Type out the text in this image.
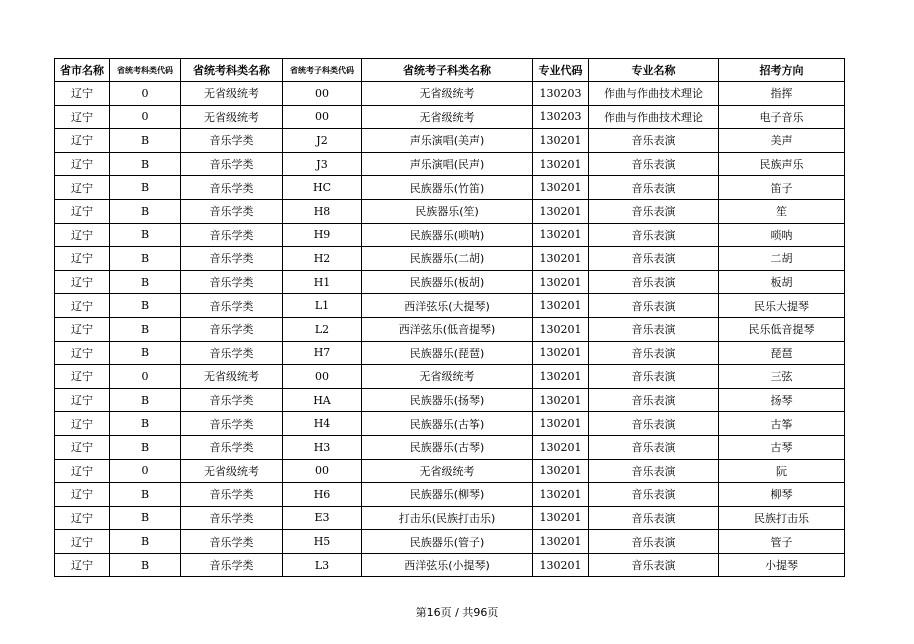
省市名称	省统考科类代码	省统考科类名称	省统考子科类代码	省统考子科类名称	专业代码	专业名称	招考方向
辽宁	0	无省级统考	00	无省级统考	130203	作曲与作曲技术理论	指挥
辽宁	0	无省级统考	00	无省级统考	130203	作曲与作曲技术理论	电子音乐
辽宁	B	音乐学类	J2	声乐演唱(美声)	130201	音乐表演	美声
辽宁	B	音乐学类	J3	声乐演唱(民声)	130201	音乐表演	民族声乐
辽宁	B	音乐学类	HC	民族器乐(竹笛)	130201	音乐表演	笛子
辽宁	B	音乐学类	H8	民族器乐(笙)	130201	音乐表演	笙
辽宁	B	音乐学类	H9	民族器乐(唢呐)	130201	音乐表演	唢呐
辽宁	B	音乐学类	H2	民族器乐(二胡)	130201	音乐表演	二胡
辽宁	B	音乐学类	H1	民族器乐(板胡)	130201	音乐表演	板胡
辽宁	B	音乐学类	L1	西洋弦乐(大提琴)	130201	音乐表演	民乐大提琴
辽宁	B	音乐学类	L2	西洋弦乐(低音提琴)	130201	音乐表演	民乐低音提琴
辽宁	B	音乐学类	H7	民族器乐(琵琶)	130201	音乐表演	琵琶
辽宁	0	无省级统考	00	无省级统考	130201	音乐表演	三弦
辽宁	B	音乐学类	HA	民族器乐(扬琴)	130201	音乐表演	扬琴
辽宁	B	音乐学类	H4	民族器乐(古筝)	130201	音乐表演	古筝
辽宁	B	音乐学类	H3	民族器乐(古琴)	130201	音乐表演	古琴
辽宁	0	无省级统考	00	无省级统考	130201	音乐表演	阮
辽宁	B	音乐学类	H6	民族器乐(柳琴)	130201	音乐表演	柳琴
辽宁	B	音乐学类	E3	打击乐(民族打击乐)	130201	音乐表演	民族打击乐
辽宁	B	音乐学类	H5	民族器乐(管子)	130201	音乐表演	管子
辽宁	B	音乐学类	L3	西洋弦乐(小提琴)	130201	音乐表演	小提琴
第16页 / 共96页
